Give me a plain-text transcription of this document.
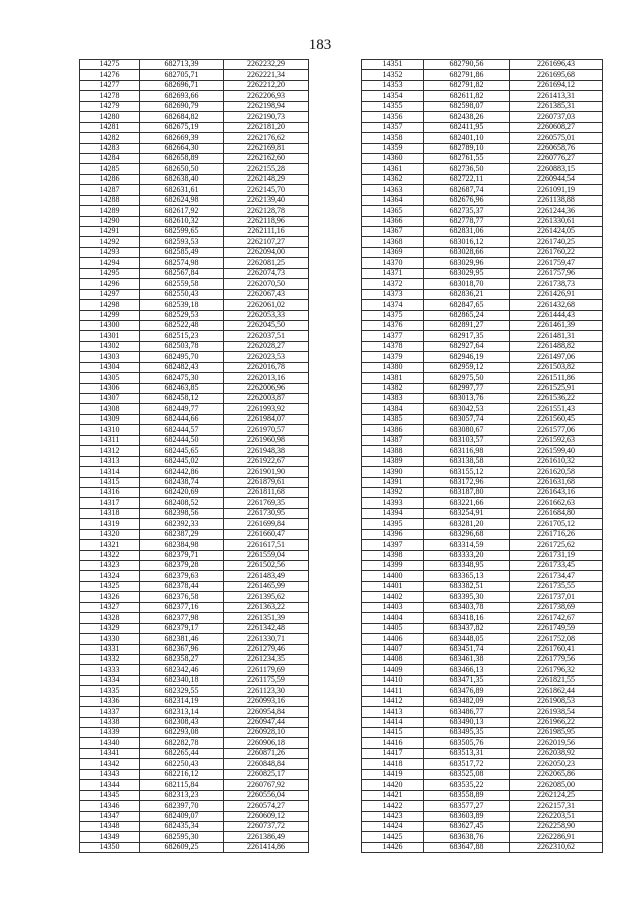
183
14275	682713,39	2262232,29
14276	682705,71	2262221,34
14277	682696,71	2262212,20
14278	682693,66	2262206,93
14279	682690,79	2262198,94
14280	682684,82	2262190,73
14281	682675,19	2262181,20
14282	682669,39	2262176,62
14283	682664,30	2262169,81
14284	682658,89	2262162,60
14285	682650,50	2262155,28
14286	682638,40	2262148,29
14287	682631,61	2262145,70
14288	682624,98	2262139,40
14289	682617,92	2262128,78
14290	682610,32	2262118,96
14291	682599,65	2262111,16
14292	682593,53	2262107,27
14293	682585,49	2262094,00
14294	682574,98	2262081,25
14295	682567,84	2262074,73
14296	682559,58	2262070,50
14297	682550,43	2262067,43
14298	682539,18	2262061,02
14299	682529,53	2262053,33
14300	682522,48	2262045,50
14301	682515,23	2262037,51
14302	682503,78	2262028,27
14303	682495,70	2262023,53
14304	682482,43	2262016,78
14305	682475,30	2262013,16
14306	682463,85	2262006,96
14307	682458,12	2262003,87
14308	682449,77	2261993,92
14309	682444,66	2261984,07
14310	682444,57	2261970,57
14311	682444,50	2261960,98
14312	682445,65	2261948,38
14313	682445,02	2261922,67
14314	682442,86	2261901,90
14315	682438,74	2261879,61
14316	682420,69	2261811,68
14317	682408,52	2261769,35
14318	682398,56	2261730,95
14319	682392,33	2261699,84
14320	682387,29	2261660,47
14321	682384,98	2261617,51
14322	682379,71	2261559,04
14323	682379,28	2261502,56
14324	682379,63	2261483,49
14325	682378,44	2261465,99
14326	682376,58	2261395,62
14327	682377,16	2261363,22
14328	682377,98	2261351,39
14329	682379,17	2261342,48
14330	682381,46	2261330,71
14331	682367,96	2261279,46
14332	682358,27	2261234,35
14333	682342,46	2261179,69
14334	682340,18	2261175,59
14335	682329,55	2261123,30
14336	682314,19	2260993,16
14337	682313,14	2260954,84
14338	682308,43	2260947,44
14339	682293,08	2260928,10
14340	682282,78	2260906,18
14341	682265,44	2260871,26
14342	682250,43	2260848,84
14343	682216,12	2260825,17
14344	682115,84	2260767,92
14345	682313,23	2260556,04
14346	682397,70	2260574,27
14347	682409,07	2260609,12
14348	682435,34	2260737,72
14349	682595,30	2261386,49
14350	682609,25	2261414,86
14351	682790,56	2261696,43
14352	682791,86	2261695,68
14353	682791,82	2261694,12
14354	682611,82	2261413,31
14355	682598,07	2261385,31
14356	682438,26	2260737,03
14357	682411,95	2260608,27
14358	682401,10	2260575,01
14359	682789,10	2260658,76
14360	682761,55	2260776,27
14361	682736,50	2260883,15
14362	682722,11	2260944,54
14363	682687,74	2261091,19
14364	682676,96	2261138,88
14365	682735,37	2261244,36
14366	682778,77	2261330,61
14367	682831,06	2261424,05
14368	683016,12	2261740,25
14369	683028,66	2261760,22
14370	683029,96	2261759,47
14371	683029,95	2261757,96
14372	683018,70	2261738,73
14373	682836,21	2261426,91
14374	682847,65	2261432,68
14375	682865,24	2261444,43
14376	682891,27	2261461,39
14377	682917,35	2261481,31
14378	682927,64	2261488,82
14379	682946,19	2261497,06
14380	682959,12	2261503,82
14381	682975,50	2261511,86
14382	682997,77	2261525,91
14383	683013,76	2261536,22
14384	683042,53	2261551,43
14385	683057,74	2261560,45
14386	683080,67	2261577,06
14387	683103,57	2261592,63
14388	683116,98	2261599,40
14389	683138,58	2261610,32
14390	683155,12	2261620,58
14391	683172,96	2261631,68
14392	683187,80	2261643,16
14393	683221,66	2261662,63
14394	683254,91	2261684,80
14395	683281,20	2261705,12
14396	683296,68	2261716,26
14397	683314,59	2261725,62
14398	683333,20	2261731,19
14399	683348,95	2261733,45
14400	683365,13	2261734,47
14401	683382,51	2261735,55
14402	683395,30	2261737,01
14403	683403,78	2261738,69
14404	683418,16	2261742,67
14405	683437,82	2261749,59
14406	683448,05	2261752,08
14407	683451,74	2261760,41
14408	683461,38	2261779,56
14409	683466,13	2261796,32
14410	683471,35	2261821,55
14411	683476,89	2261862,44
14412	683482,09	2261908,53
14413	683486,77	2261938,54
14414	683490,13	2261966,22
14415	683495,35	2261985,95
14416	683505,76	2262019,56
14417	683513,31	2262038,92
14418	683517,72	2262050,23
14419	683525,08	2262065,86
14420	683535,22	2262085,00
14421	683558,89	2262124,25
14422	683577,27	2262157,31
14423	683603,89	2262203,51
14424	683627,45	2262258,90
14425	683638,76	2262286,91
14426	683647,88	2262310,62
